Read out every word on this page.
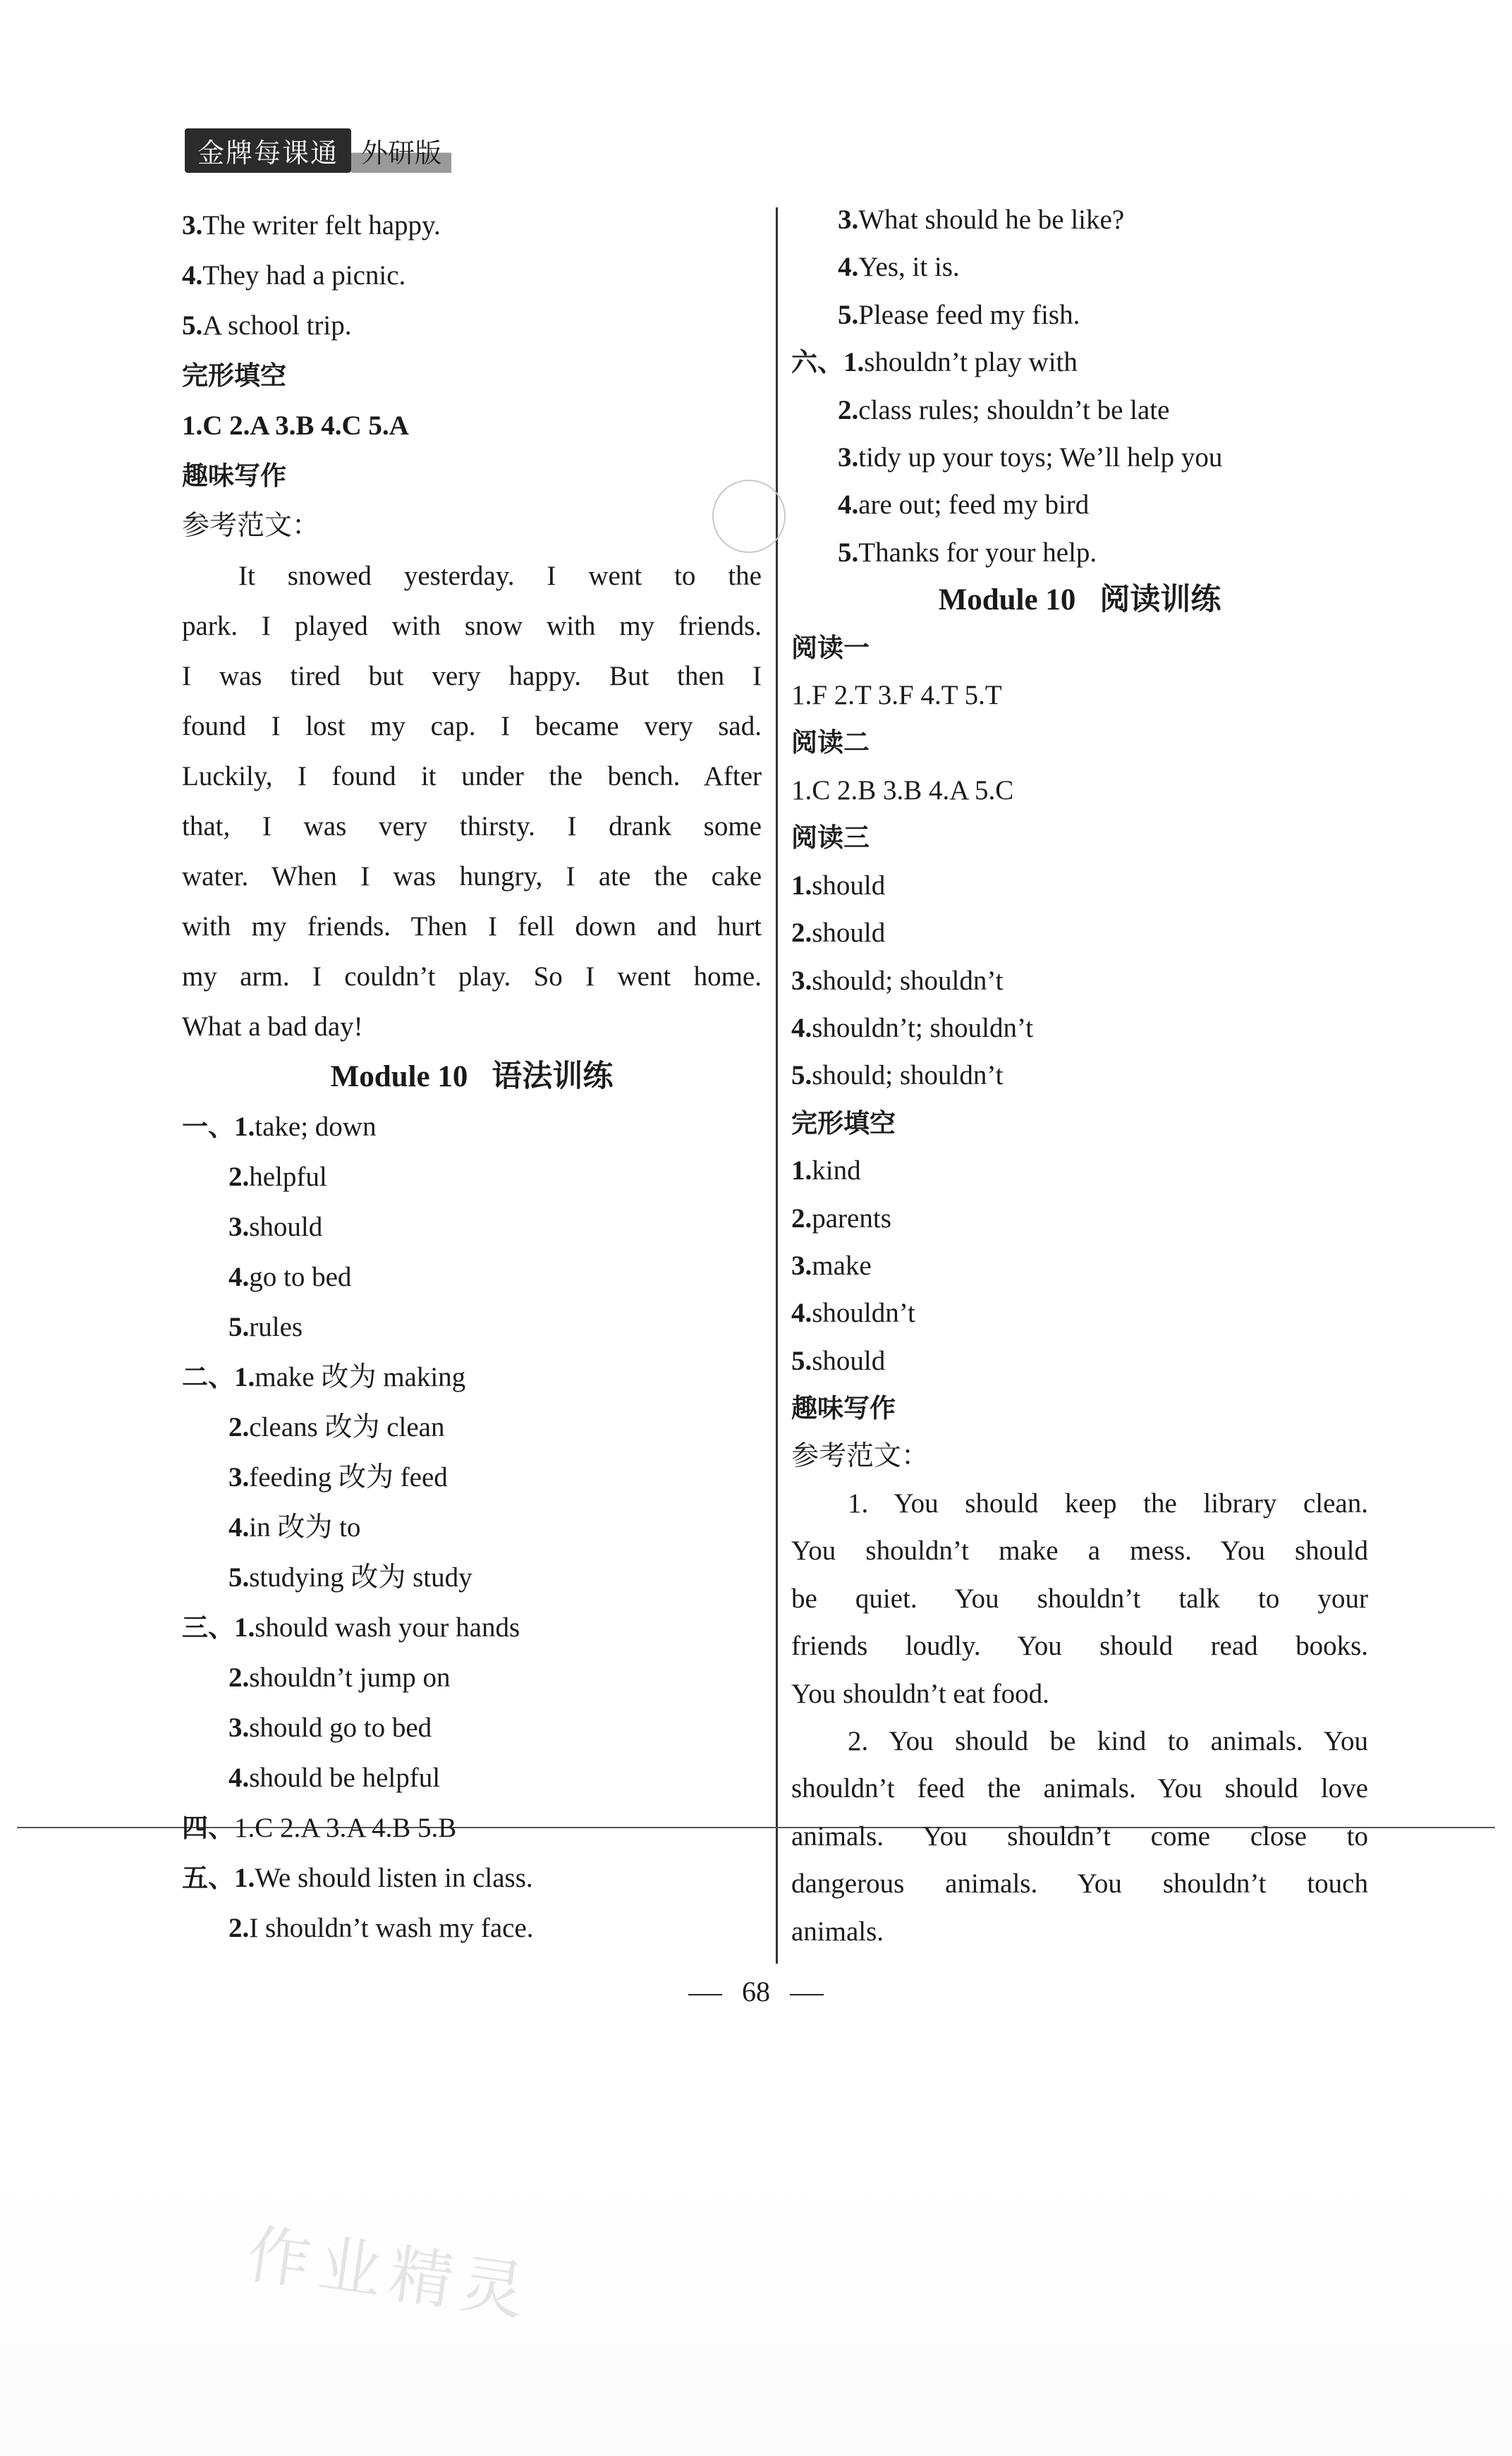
金牌每课通 外研版
3.The writer felt happy.
4.They had a picnic.
5.A school trip.
完形填空
1.C 2.A 3.B 4.C 5.A
趣味写作
参考范文：
It snowed yesterday. I went to the
park. I played with snow with my friends.
I was tired but very happy. But then I
found I lost my cap. I became very sad.
Luckily, I found it under the bench. After
that, I was very thirsty. I drank some
water. When I was hungry, I ate the cake
with my friends. Then I fell down and hurt
my arm. I couldn’t play. So I went home.
What a bad day!
Module 10 语法训练
一、1.take; down
2.helpful
3.should
4.go to bed
5.rules
二、1.make 改为 making
2.cleans 改为 clean
3.feeding 改为 feed
4.in 改为 to
5.studying 改为 study
三、1.should wash your hands
2.shouldn’t jump on
3.should go to bed
4.should be helpful
四、1.C 2.A 3.A 4.B 5.B
五、1.We should listen in class.
2.I shouldn’t wash my face.
3.What should he be like?
4.Yes, it is.
5.Please feed my fish.
六、1.shouldn’t play with
2.class rules; shouldn’t be late
3.tidy up your toys; We’ll help you
4.are out; feed my bird
5.Thanks for your help.
Module 10 阅读训练
阅读一
1.F 2.T 3.F 4.T 5.T
阅读二
1.C 2.B 3.B 4.A 5.C
阅读三
1.should
2.should
3.should; shouldn’t
4.shouldn’t; shouldn’t
5.should; shouldn’t
完形填空
1.kind
2.parents
3.make
4.shouldn’t
5.should
趣味写作
参考范文：
1. You should keep the library clean.
You shouldn’t make a mess. You should
be quiet. You shouldn’t talk to your
friends loudly. You should read books.
You shouldn’t eat food.
2. You should be kind to animals. You
shouldn’t feed the animals. You should love
animals. You shouldn’t come close to
dangerous animals. You shouldn’t touch
animals.
68
作业精灵
